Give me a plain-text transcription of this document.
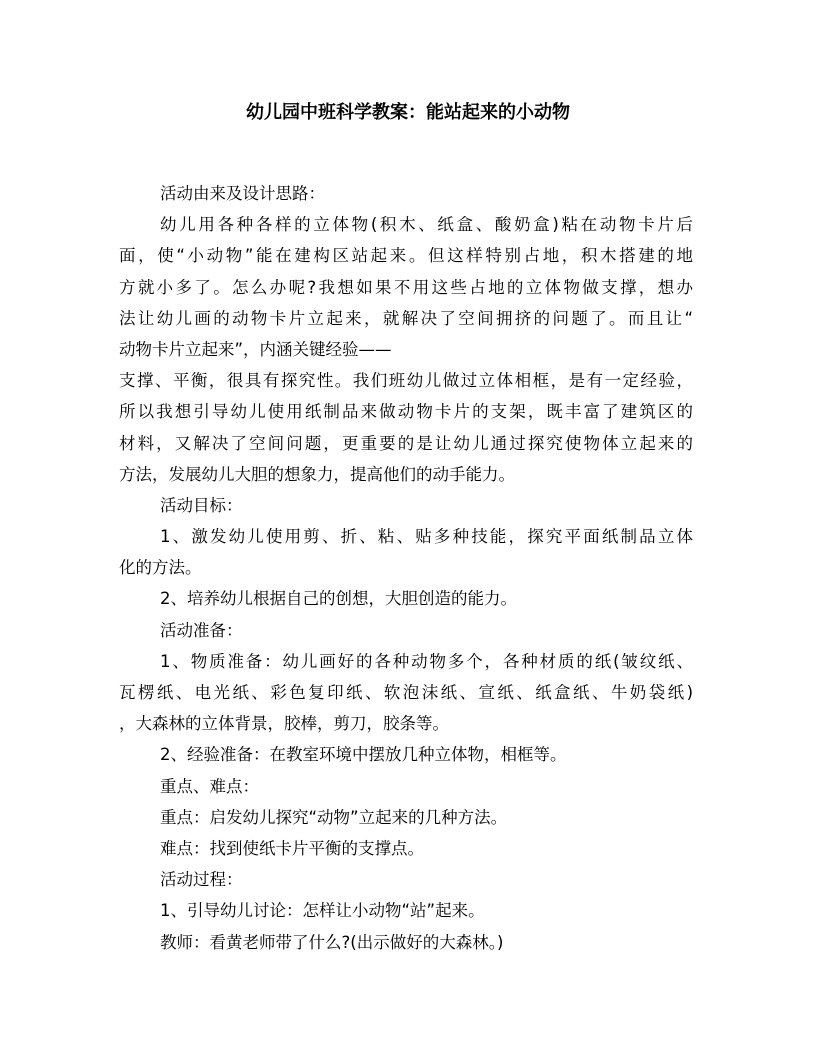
幼儿园中班科学教案：能站起来的小动物
活动由来及设计思路：
幼儿用各种各样的立体物(积木、纸盒、酸奶盒)粘在动物卡片后
面，使“小动物”能在建构区站起来。但这样特别占地，积木搭建的地
方就小多了。怎么办呢?我想如果不用这些占地的立体物做支撑，想办
法让幼儿画的动物卡片立起来，就解决了空间拥挤的问题了。而且让“
动物卡片立起来”，内涵关键经验——
支撑、平衡，很具有探究性。我们班幼儿做过立体相框，是有一定经验，
所以我想引导幼儿使用纸制品来做动物卡片的支架，既丰富了建筑区的
材料，又解决了空间问题，更重要的是让幼儿通过探究使物体立起来的
方法，发展幼儿大胆的想象力，提高他们的动手能力。
活动目标：
1、激发幼儿使用剪、折、粘、贴多种技能，探究平面纸制品立体
化的方法。
2、培养幼儿根据自己的创想，大胆创造的能力。
活动准备：
1、物质准备：幼儿画好的各种动物多个，各种材质的纸(皱纹纸、
瓦楞纸、电光纸、彩色复印纸、软泡沫纸、宣纸、纸盒纸、牛奶袋纸)
，大森林的立体背景，胶棒，剪刀，胶条等。
2、经验准备：在教室环境中摆放几种立体物，相框等。
重点、难点：
重点：启发幼儿探究“动物”立起来的几种方法。
难点：找到使纸卡片平衡的支撑点。
活动过程：
1、引导幼儿讨论：怎样让小动物“站”起来。
教师：看黄老师带了什么?(出示做好的大森林。)
